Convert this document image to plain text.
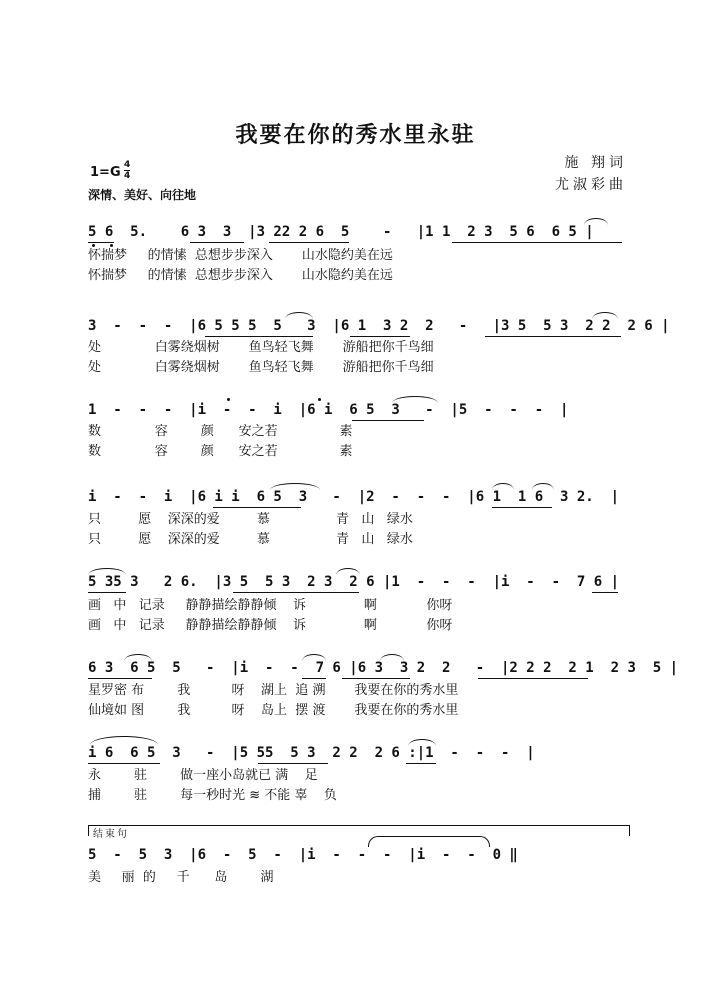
我要在你的秀水里永驻
施 翔词
尤淑彩曲
1=G 4
4
深情、美好、向往地
5 6  5.    6 3  3  |3 22 2 6  5    -   |1 1  2 3  5 6  6 5 |
怀揣梦     的情愫  总想步步深入       山水隐约美在远
怀揣梦     的情愫  总想步步深入       山水隐约美在远
3  -  -  -  |6 5 5 5  5   3  |6 1  3 2  2   -   |3 5  5 3  2 2  2 6 |
处             白雾绕烟树       鱼鸟轻飞舞       游船把你千鸟细
处             白雾绕烟树       鱼鸟轻飞舞       游船把你千鸟细
1  -  -  -  |i  -  -  i  |6 i  6 5  3   -  |5  -  -  -  |
数             容        颜      安之若               素
数             容        颜      安之若               素
i  -  -  i  |6 i i  6 5  3   -  |2  -  -  -  |6 1  1 6  3 2.  |
只         愿    深深的爱         慕                青   山   绿水
只         愿    深深的爱         慕                青   山   绿水
5 35 3   2 6.  |3 5  5 3  2 3  2 6 |1  -  -  -  |i  -  -  7 6 |
画   中   记录     静静描绘静静倾    诉              啊            你呀
画   中   记录     静静描绘静静倾    诉              啊            你呀
6 3  6 5  5   -  |i  -  -  7 6 |6 3  3 2  2   -  |2 2 2  2 1  2 3  5 |
星罗密 布        我          呀    湖上  追 溯       我要在你的秀水里
仙境如 图        我          呀    岛上  摆 渡       我要在你的秀水里
i 6  6 5  3   -  |5 55  5 3  2 2  2 6 :|1  -  -  -  |
永        驻        做一座小岛就已 满    足
捕        驻        每一秒时光 ≋ 不能 辜    负
结束句
5  -  5  3  |6  -  5  -  |i  -  -  -  |i  -  -  0 ‖
美     丽  的     千      岛        湖
